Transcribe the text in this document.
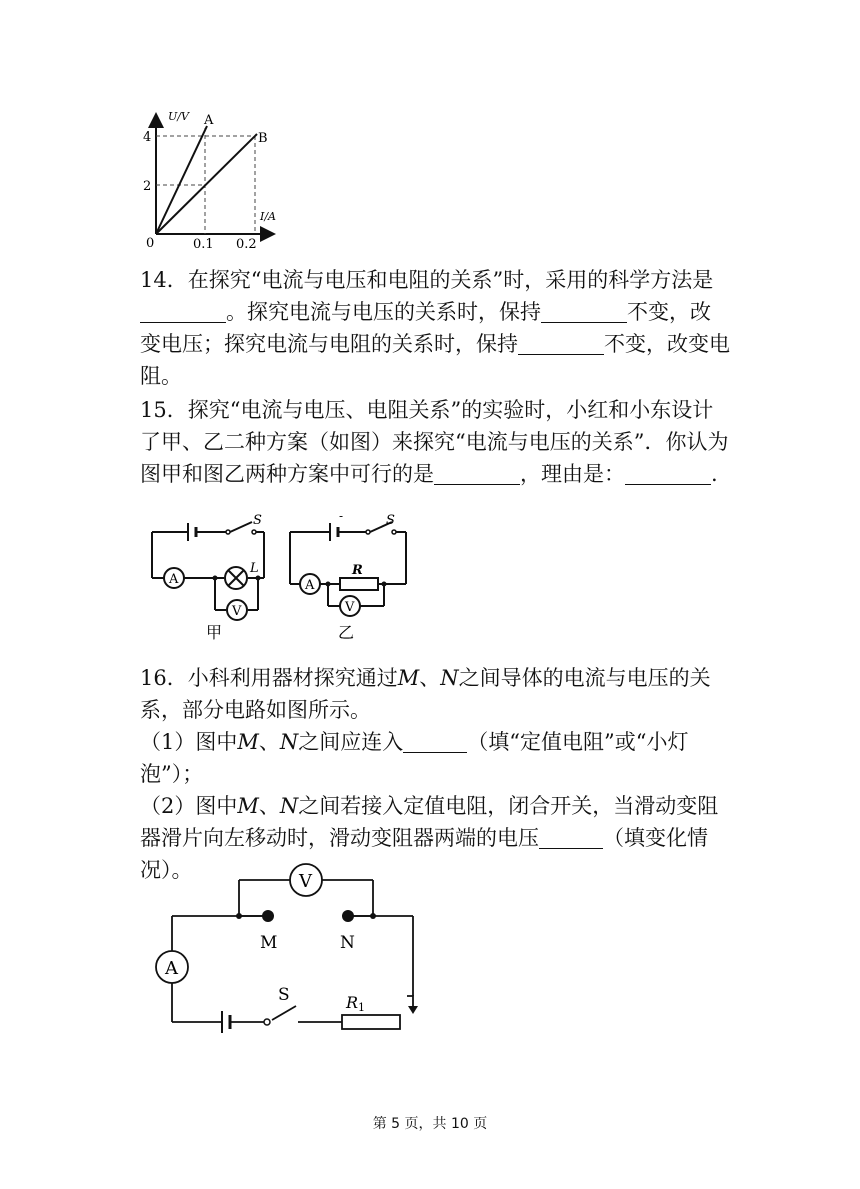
U/V
I/A
A
B
4
2
0	0.1 0.2

14．在探究“电流与电压和电阻的关系”时，采用的科学方法是。探究电流与电压的关系时，保持	不变，改变电压；探究电流与电阻的关系时，保持	不变，改变电阻。

15．探究“电流与电压、电阻关系”的实验时，小红和小东设计了甲、乙二种方案（如图）来探究“电流与电压的关系”．你认为图甲和图乙两种方案中可行的是	，理由是：	.

A
V
S
L
甲
A
V
-	S
R
乙

16．小科利用器材探究通过M、N之间导体的电流与电压的关系，部分电路如图所示。

（1）图中M、N之间应连入	（填“定值电阻”或“小灯泡”）；

（2）图中M、N之间若接入定值电阻，闭合开关，当滑动变阻器滑片向左移动时，滑动变阻器两端的电压	（填变化情况）。	V
A
M	N
S	R1
第 5 页，共 10 页
